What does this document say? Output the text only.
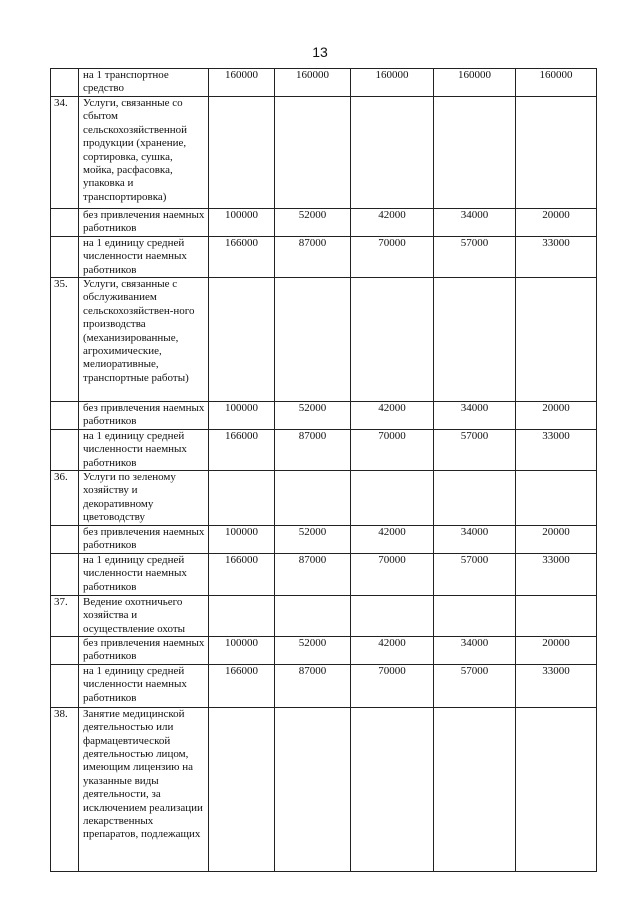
13
	на 1 транспортное средство	160000	160000	160000	160000	160000
34.	Услуги, связанные со сбытом сельскохозяйственной продукции (хранение, сортировка, сушка, мойка, расфасовка, упаковка и транспортировка)					
	без привлечения наемных работников	100000	52000	42000	34000	20000
	на 1 единицу средней численности наемных работников	166000	87000	70000	57000	33000
35.	Услуги, связанные с обслуживанием сельскохозяйствен-ного производства (механизированные, агрохимические, мелиоративные, транспортные работы)					
	без привлечения наемных работников	100000	52000	42000	34000	20000
	на 1 единицу средней численности наемных работников	166000	87000	70000	57000	33000
36.	Услуги по зеленому хозяйству и декоративному цветоводству					
	без привлечения наемных работников	100000	52000	42000	34000	20000
	на 1 единицу средней численности наемных работников	166000	87000	70000	57000	33000
37.	Ведение охотничьего хозяйства и осуществление охоты					
	без привлечения наемных работников	100000	52000	42000	34000	20000
	на 1 единицу средней численности наемных работников	166000	87000	70000	57000	33000
38.	Занятие медицинской деятельностью или фармацевтической деятельностью лицом, имеющим лицензию на указанные виды деятельности, за исключением реализации лекарственных препаратов, подлежащих					
